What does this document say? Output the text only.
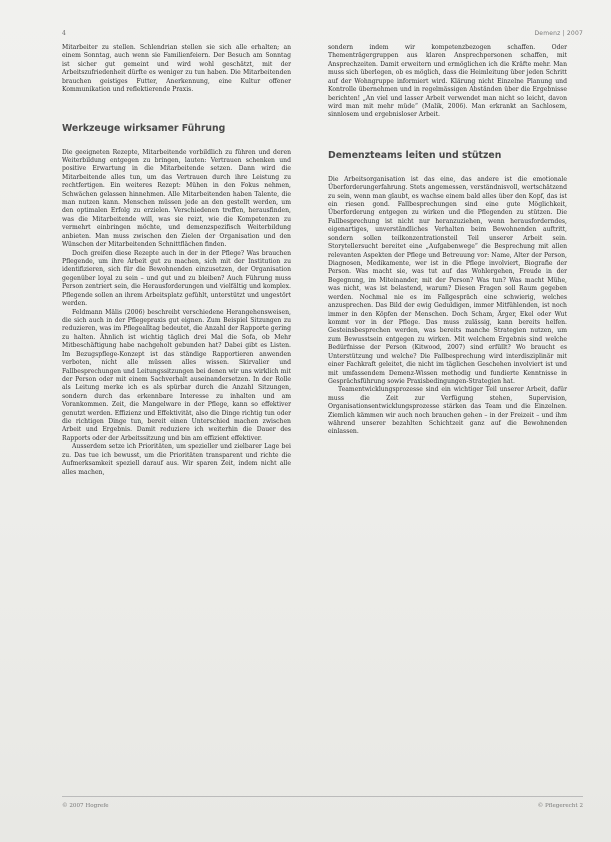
4	Demenz | 2007

Mitarbeiter zu stellen. Schlendrian stellen sie sich alle erhalten; an einem Sonntag, auch wenn sie Familienfeiern. Der Besuch am Sonntag ist sicher gut gemeint und wird wohl geschätzt, mit der Arbeitszufriedenheit dürfte es weniger zu tun haben. Die Mitarbeitenden brauchen geistiges Futter, Anerkennung, eine Kultur offener Kommunikation und reflektierende Praxis.

Werkzeuge wirksamer Führung

Die geeigneten Rezepte, Mitarbeitende vorbildlich zu führen und deren Weiterbildung entgegen zu bringen, lauten: Vertrauen schenken und positive Erwartung in die Mitarbeitende setzen. Dann wird die Mitarbeitende alles tun, um das Vertrauen durch ihre Leistung zu rechtfertigen. Ein weiteres Rezept: Mühen in den Fokus nehmen, Schwächen gelassen hinnehmen. Alle Mitarbeitenden haben Talente, die man nutzen kann. Menschen müssen jede an den gestellt werden, um den optimalen Erfolg zu erzielen. Verschiedenen treffen, herausfinden, was die Mitarbeitende will, was sie reizt, wie die Kompetenzen zu vermehrt einbringen möchte, und demenzspezifisch Weiterbildung anbieten. Man muss zwischen den Zielen der Organisation und den Wünschen der Mitarbeitenden Schnittflächen finden.

Doch greifen diese Rezepte auch in der in der Pflege? Was brauchen Pflegende, um ihre Arbeit gut zu machen, sich mit der Institution zu identifizieren, sich für die Bewohnenden einzusetzen, der Organisation gegenüber loyal zu sein – und gut und zu bleiben? Auch Führung muss Person zentriert sein, die Herausforderungen und vielfältig und komplex. Pflegende sollen an ihrem Arbeitsplatz gefühlt, unterstützt und ungestört werden.

Feldmann Mälis (2006) beschreibt verschiedene Herangehensweisen, die sich auch in der Pflegepraxis gut eignen. Zum Beispiel Sitzungen zu reduzieren, was im Pflegealltag bedeutet, die Anzahl der Rapporte gering zu halten. Ähnlich ist wichtig täglich drei Mal die Sofa, ob Mehr Mitbeschäftigung habe nachgeholt gebunden hat? Dabei gibt es Listen. Im Bezugspflege-Konzept ist das ständige Rapportieren anwenden verboten, nicht alle müssen alles wissen. Skirvalier und Fallbesprechungen und Leitungssitzungen bei denen wir uns wirklich mit der Person oder mit einem Sachverhalt auseinandersetzen. In der Rolle als Leitung merke ich es als spürbar durch die Anzahl Sitzungen, sondern durch das erkennbare Interesse zu inhalten und am Vorankommen. Zeit, die Mangelware in der Pflege, kann so effektiver genutzt werden. Effizienz und Effektivität, also die Dinge richtig tun oder die richtigen Dinge tun, bereit einen Unterschied machen zwischen Arbeit und Ergebnis. Damit reduziere ich weiterhin die Dauer des Rapports oder der Arbeitssitzung und bin am effizient effektiver.

Ausserdem setze ich Prioritäten, um spezieller und zielbarer Lage bei zu. Das tue ich bewusst, um die Prioritäten transparent und richte die Aufmerksamkeit speziell darauf aus. Wir sparen Zeit, indem nicht alle alles machen,

sondern indem wir kompetenzbezogen schaffen. Oder Thementrägergruppen aus klaren Ansprechpersonen schaffen, mit Ansprechzeiten. Damit erweitern und ermöglichen ich die Kräfte mehr. Man muss sich überlegen, ob es möglich, dass die Heimleitung über jeden Schritt auf der Wohngruppe informiert wird. Klärung nicht Einzelne Planung und Kontrolle übernehmen und in regelmässigen Abständen über die Ergebnisse berichten! „An viel und lasser Arbeit verwendet man nicht so leicht, davon wird man mit mehr müde“ (Malik, 2006). Man erkrankt an Sachlosem, sinnlosem und ergebnisloser Arbeit.

Demenzteams leiten und stützen

Die Arbeitsorganisation ist das eine, das andere ist die emotionale Überforderungerfahrung. Stets angemessen, verständnisvoll, wertschätzend zu sein, wenn man glaubt, es wachse einem bald alles über den Kopf, das ist ein riesen gond. Fallbesprechungen sind eine gute Möglichkeit, Überforderung entgegen zu wirken und die Pflegenden zu stützen. Die Fallbesprechung ist nicht nur heranzuziehen, wenn herausforderndes, eigenartiges, unverständliches Verhalten beim Bewohnenden auftritt, sondern sollen teilkonzentrationsteil Teil unserer Arbeit sein. Storytellersucht bereitet eine „Aufgabenwege“ die Besprechung mit allen relevanten Aspekten der Pflege und Betreuung vor: Name, Alter der Person, Diagnosen, Medikamente, wer ist in die Pflege involviert, Biografie der Person. Was macht sie, was tut auf das Wohlergehen, Freude in der Begegnung, im Miteinander, mit der Person? Was tun? Was macht Mühe, was nicht, was ist belastend, warum? Diesen Fragen soll Raum gegeben werden. Nochmal nie es im Fallgespräch eine schwierig, welches anzusprechen. Das Bild der ewig Geduldigen, immer Mitfühlenden, ist noch immer in den Köpfen der Menschen. Doch Scham, Ärger, Ekel oder Wut kommt vor in der Pflege. Das muss zulässig, kann bereits helfen. Gesteinsbesprechen werden, was bereits manche Strategien nutzen, um zum Bewusstsein entgegen zu wirken. Mit welchem Ergebnis sind welche Bedürfnisse der Person (Kitwood, 2007) sind erfüllt? Wo braucht es Unterstützung und welche? Die Fallbesprechung wird interdisziplinär mit einer Fachkraft geleitet, die nicht im täglichen Geschehen involviert ist und mit umfassendem Demenz-Wissen methodig und fundierte Kenntnisse in Gesprächsführung sowie Praxisbedingungen-Strategien hat.

Teamentwicklungsprozesse sind ein wichtiger Teil unserer Arbeit, dafür muss die Zeit zur Verfügung stehen, Supervision, Organisationsentwicklungsprozesse stärken das Team und die Einzelnen. Ziemlich kämmen wir auch noch brauchen gehen – in der Freizeit – und ihm während unserer bezahlten Schichtzeit ganz auf die Bewohnenden einlassen.

© 2007 Hogrefe	© Pflegerecht 2
